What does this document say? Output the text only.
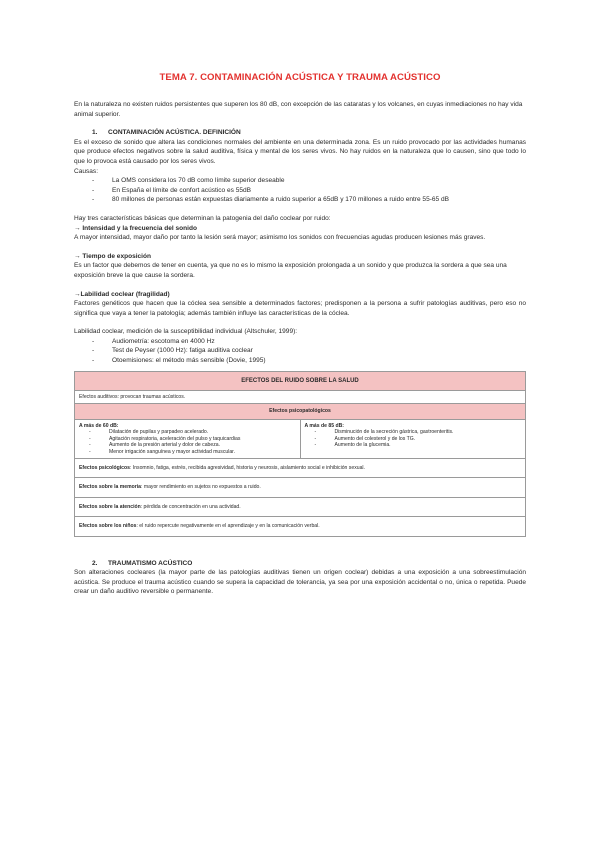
TEMA 7. CONTAMINACIÓN ACÚSTICA Y TRAUMA ACÚSTICO

En la naturaleza no existen ruidos persistentes que superen los 80 dB, con excepción de las cataratas y los volcanes, en cuyas inmediaciones no hay vida animal superior.

1. CONTAMINACIÓN ACÚSTICA. DEFINICIÓN

Es el exceso de sonido que altera las condiciones normales del ambiente en una determinada zona. Es un ruido provocado por las actividades humanas que produce efectos negativos sobre la salud auditiva, física y mental de los seres vivos. No hay ruidos en la naturaleza que lo causen, sino que todo lo que lo provoca está causado por los seres vivos.

Causas:

- La OMS considera los 70 dB como límite superior deseable
- En España el límite de confort acústico es 55dB
- 80 millones de personas están expuestas diariamente a ruido superior a 65dB y 170 millones a ruido entre 55-65 dB

Hay tres características básicas que determinan la patogenia del daño coclear por ruido:

→ Intensidad y la frecuencia del sonido

A mayor intensidad, mayor daño por tanto la lesión será mayor; asimismo los sonidos con frecuencias agudas producen lesiones más graves.

→ Tiempo de exposición

Es un factor que debemos de tener en cuenta, ya que no es lo mismo la exposición prolongada a un sonido y que produzca la sordera a que sea una exposición breve la que cause la sordera.

→Labilidad coclear (fragilidad)

Factores genéticos que hacen que la cóclea sea sensible a determinados factores; predisponen a la persona a sufrir patologías auditivas, pero eso no significa que vaya a tener la patología; además también influye las características de la cóclea.

Labilidad coclear, medición de la susceptibilidad individual (Altschuler, 1999):

- Audiometría: escotoma en 4000 Hz
- Test de Peyser (1000 Hz): fatiga auditiva coclear
- Otoemisiones: el método más sensible (Dovie, 1995)
EFECTOS DEL RUIDO SOBRE LA SALUD
Efectos auditivos: provocan traumas acústicos.
Efectos psicopatológicos

A más de 60 dB:
- Dilatación de pupilas y parpadeo acelerado.
- Agitación respiratoria, aceleración del pulso y taquicardias
- Aumento de la presión arterial y dolor de cabeza.
- Menor irrigación sanguínea y mayor actividad muscular.
A más de 85 dB:
- Disminución de la secreción gástrica, gastroenteritis.
- Aumento del colesterol y de los TG.
- Aumento de la glucemia.

Efectos psicológicos: Insomnio, fatiga, estrés, recibida agresividad, historia y neurosis, aislamiento social e inhibición sexual.
Efectos sobre la memoria: mayor rendimiento en sujetos no expuestos a ruido.
Efectos sobre la atención: pérdida de concentración en una actividad.
Efectos sobre los niños: el ruido repercute negativamente en el aprendizaje y en la comunicación verbal.

2. TRAUMATISMO ACÚSTICO

Son alteraciones cocleares (la mayor parte de las patologías auditivas tienen un origen coclear) debidas a una exposición a una sobreestimulación acústica. Se produce el trauma acústico cuando se supera la capacidad de tolerancia, ya sea por una exposición accidental o no, única o repetida. Puede crear un daño auditivo reversible o permanente.
